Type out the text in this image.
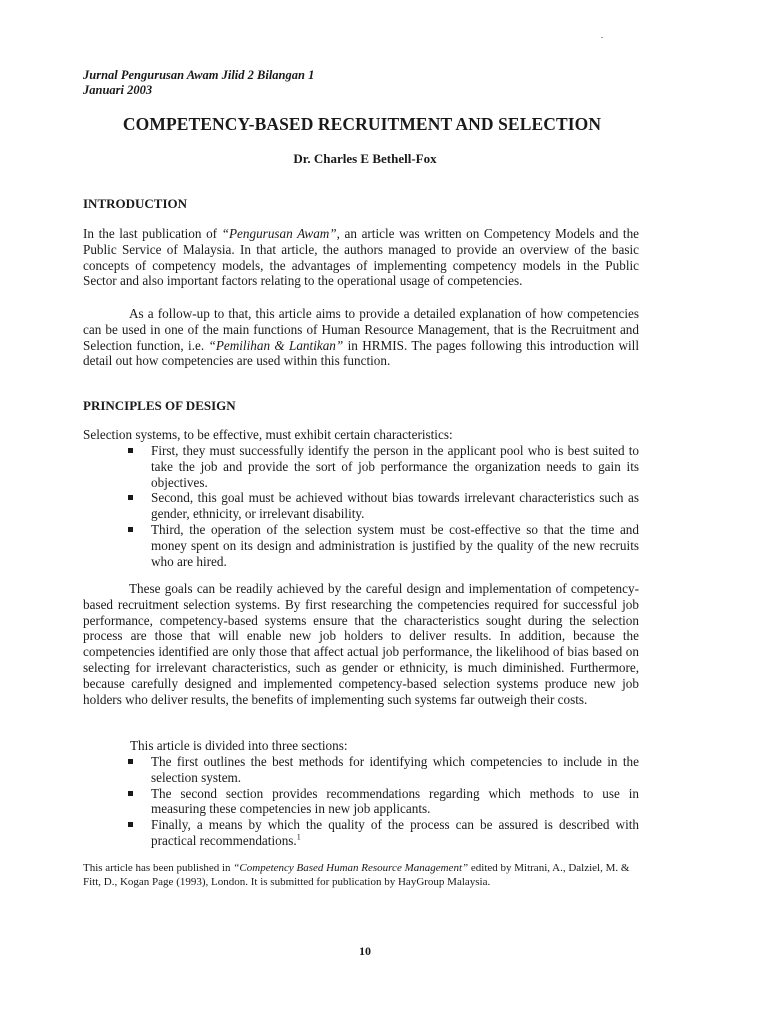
Jurnal Pengurusan Awam Jilid 2 Bilangan 1
Januari 2003
COMPETENCY-BASED RECRUITMENT AND SELECTION
Dr. Charles E Bethell-Fox
INTRODUCTION
In the last publication of “Pengurusan Awam”, an article was written on Competency Models and the Public Service of Malaysia. In that article, the authors managed to provide an overview of the basic concepts of competency models, the advantages of implementing competency models in the Public Sector and also important factors relating to the operational usage of competencies.
As a follow-up to that, this article aims to provide a detailed explanation of how competencies can be used in one of the main functions of Human Resource Management, that is the Recruitment and Selection function, i.e. “Pemilihan & Lantikan” in HRMIS. The pages following this introduction will detail out how competencies are used within this function.
PRINCIPLES OF DESIGN
Selection systems, to be effective, must exhibit certain characteristics:
First, they must successfully identify the person in the applicant pool who is best suited to take the job and provide the sort of job performance the organization needs to gain its objectives.
Second, this goal must be achieved without bias towards irrelevant characteristics such as gender, ethnicity, or irrelevant disability.
Third, the operation of the selection system must be cost-effective so that the time and money spent on its design and administration is justified by the quality of the new recruits who are hired.
These goals can be readily achieved by the careful design and implementation of competency-based recruitment selection systems. By first researching the competencies required for successful job performance, competency-based systems ensure that the characteristics sought during the selection process are those that will enable new job holders to deliver results. In addition, because the competencies identified are only those that affect actual job performance, the likelihood of bias based on selecting for irrelevant characteristics, such as gender or ethnicity, is much diminished. Furthermore, because carefully designed and implemented competency-based selection systems produce new job holders who deliver results, the benefits of implementing such systems far outweigh their costs.
This article is divided into three sections:
The first outlines the best methods for identifying which competencies to include in the selection system.
The second section provides recommendations regarding which methods to use in measuring these competencies in new job applicants.
Finally, a means by which the quality of the process can be assured is described with practical recommendations.$^1$
This article has been published in “Competency Based Human Resource Management” edited by Mitrani, A., Dalziel, M. & Fitt, D., Kogan Page (1993), London. It is submitted for publication by HayGroup Malaysia.
10
